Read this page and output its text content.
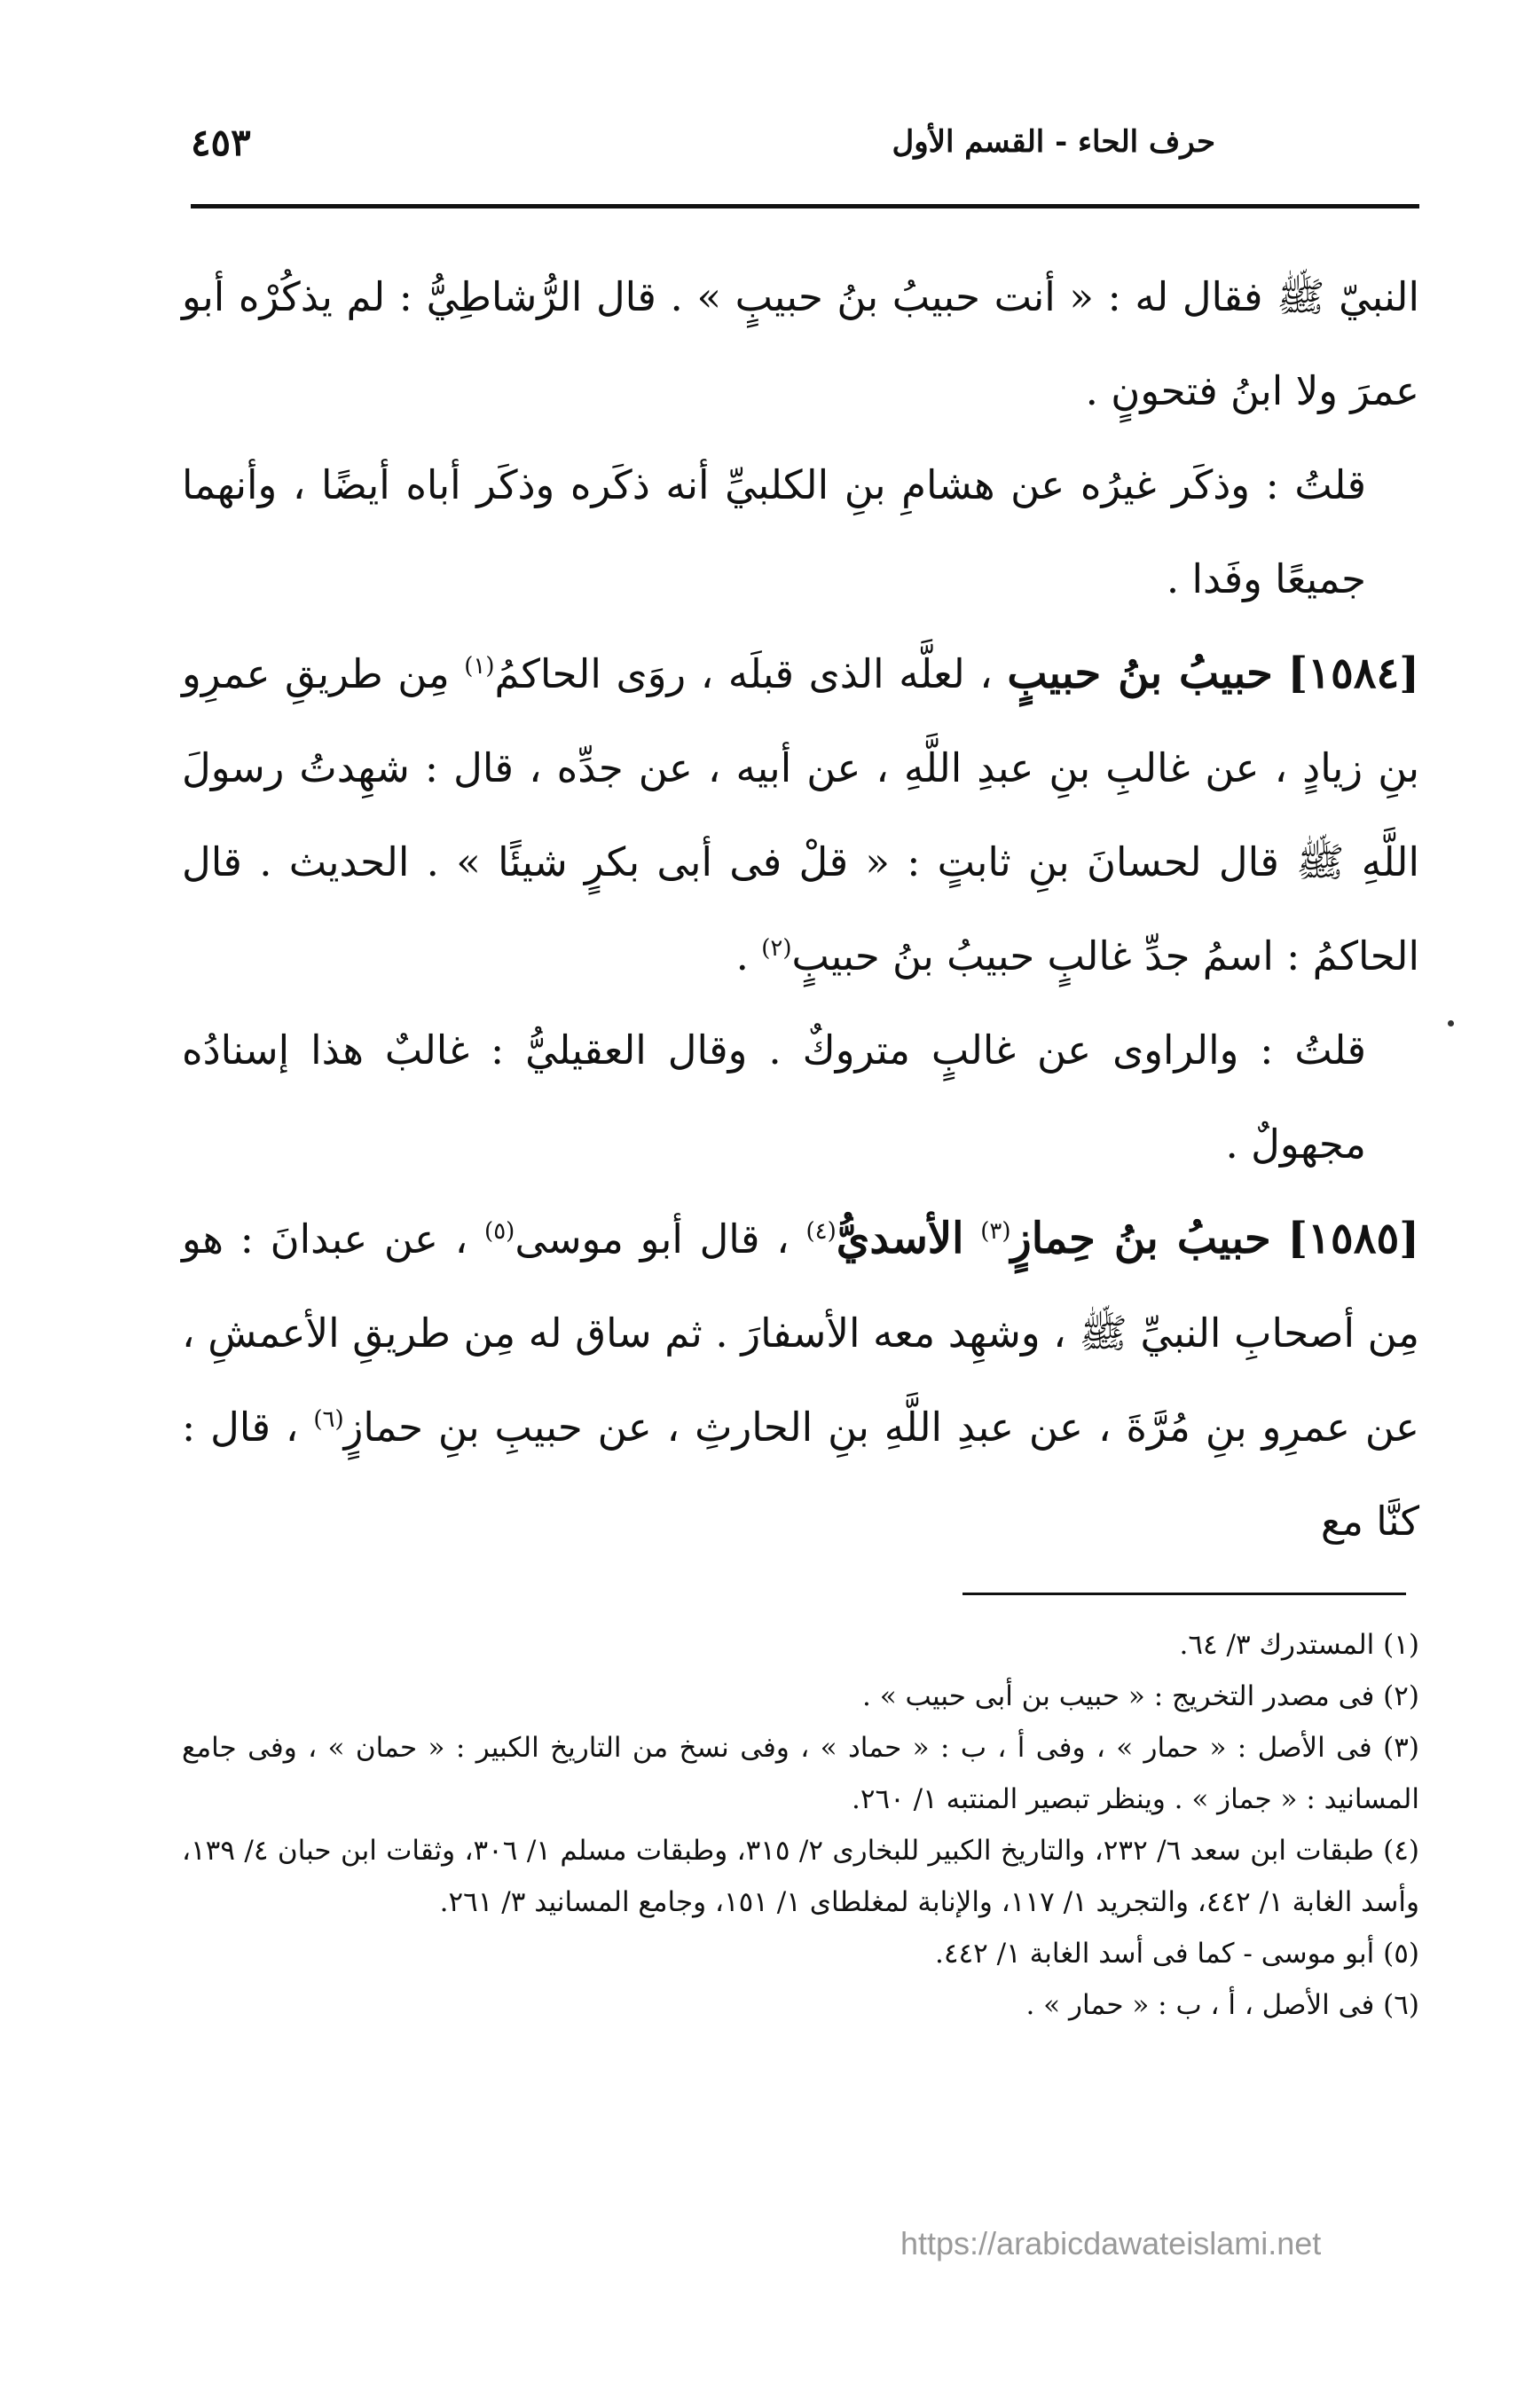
حرف الحاء - القسم الأول
٤٥٣

النبيّ ﷺ فقال له : « أنت حبيبُ بنُ حبيبٍ » . قال الرُّشاطِيُّ : لم يذكُرْه أبو عمرَ ولا ابنُ فتحونٍ .

قلتُ : وذكَر غيرُه عن هشامِ بنِ الكلبيِّ أنه ذكَره وذكَر أباه أيضًا ، وأنهما جميعًا وفَدا .

[١٥٨٤] حبيبُ بنُ حبيبٍ ، لعلَّه الذى قبلَه ، روَى الحاكمُ$^{(١)}$ مِن طريقِ عمرِو بنِ زيادٍ ، عن غالبِ بنِ عبدِ اللَّهِ ، عن أبيه ، عن جدِّه ، قال : شهِدتُ رسولَ اللَّهِ ﷺ قال لحسانَ بنِ ثابتٍ : « قلْ فى أبى بكرٍ شيئًا » . الحديث . قال الحاكمُ : اسمُ جدِّ غالبٍ حبيبُ بنُ حبيبٍ$^{(٢)}$ .

قلتُ : والراوى عن غالبٍ متروكٌ . وقال العقيليُّ : غالبٌ هذا إسنادُه مجهولٌ .

[١٥٨٥] حبيبُ بنُ حِمازٍ$^{(٣)}$ الأسديُّ$^{(٤)}$ ، قال أبو موسى$^{(٥)}$ ، عن عبدانَ : هو مِن أصحابِ النبيِّ ﷺ ، وشهِد معه الأسفارَ . ثم ساق له مِن طريقِ الأعمشِ ، عن عمرِو بنِ مُرَّةَ ، عن عبدِ اللَّهِ بنِ الحارثِ ، عن حبيبِ بنِ حمازٍ$^{(٦)}$ ، قال : كنَّا مع

(١) المستدرك ٣/ ٦٤.

(٢) فى مصدر التخريج : « حبيب بن أبى حبيب » .

(٣) فى الأصل : « حمار » ، وفى أ ، ب : « حماد » ، وفى نسخ من التاريخ الكبير : « حمان » ، وفى جامع المسانيد : « جماز » . وينظر تبصير المنتبه ١/ ٢٦٠.

(٤) طبقات ابن سعد ٦/ ٢٣٢، والتاريخ الكبير للبخارى ٢/ ٣١٥، وطبقات مسلم ١/ ٣٠٦، وثقات ابن حبان ٤/ ١٣٩، وأسد الغابة ١/ ٤٤٢، والتجريد ١/ ١١٧، والإنابة لمغلطاى ١/ ١٥١، وجامع المسانيد ٣/ ٢٦١.

(٥) أبو موسى - كما فى أسد الغابة ١/ ٤٤٢.

(٦) فى الأصل ، أ ، ب : « حمار » .

https://arabicdawateislami.net
